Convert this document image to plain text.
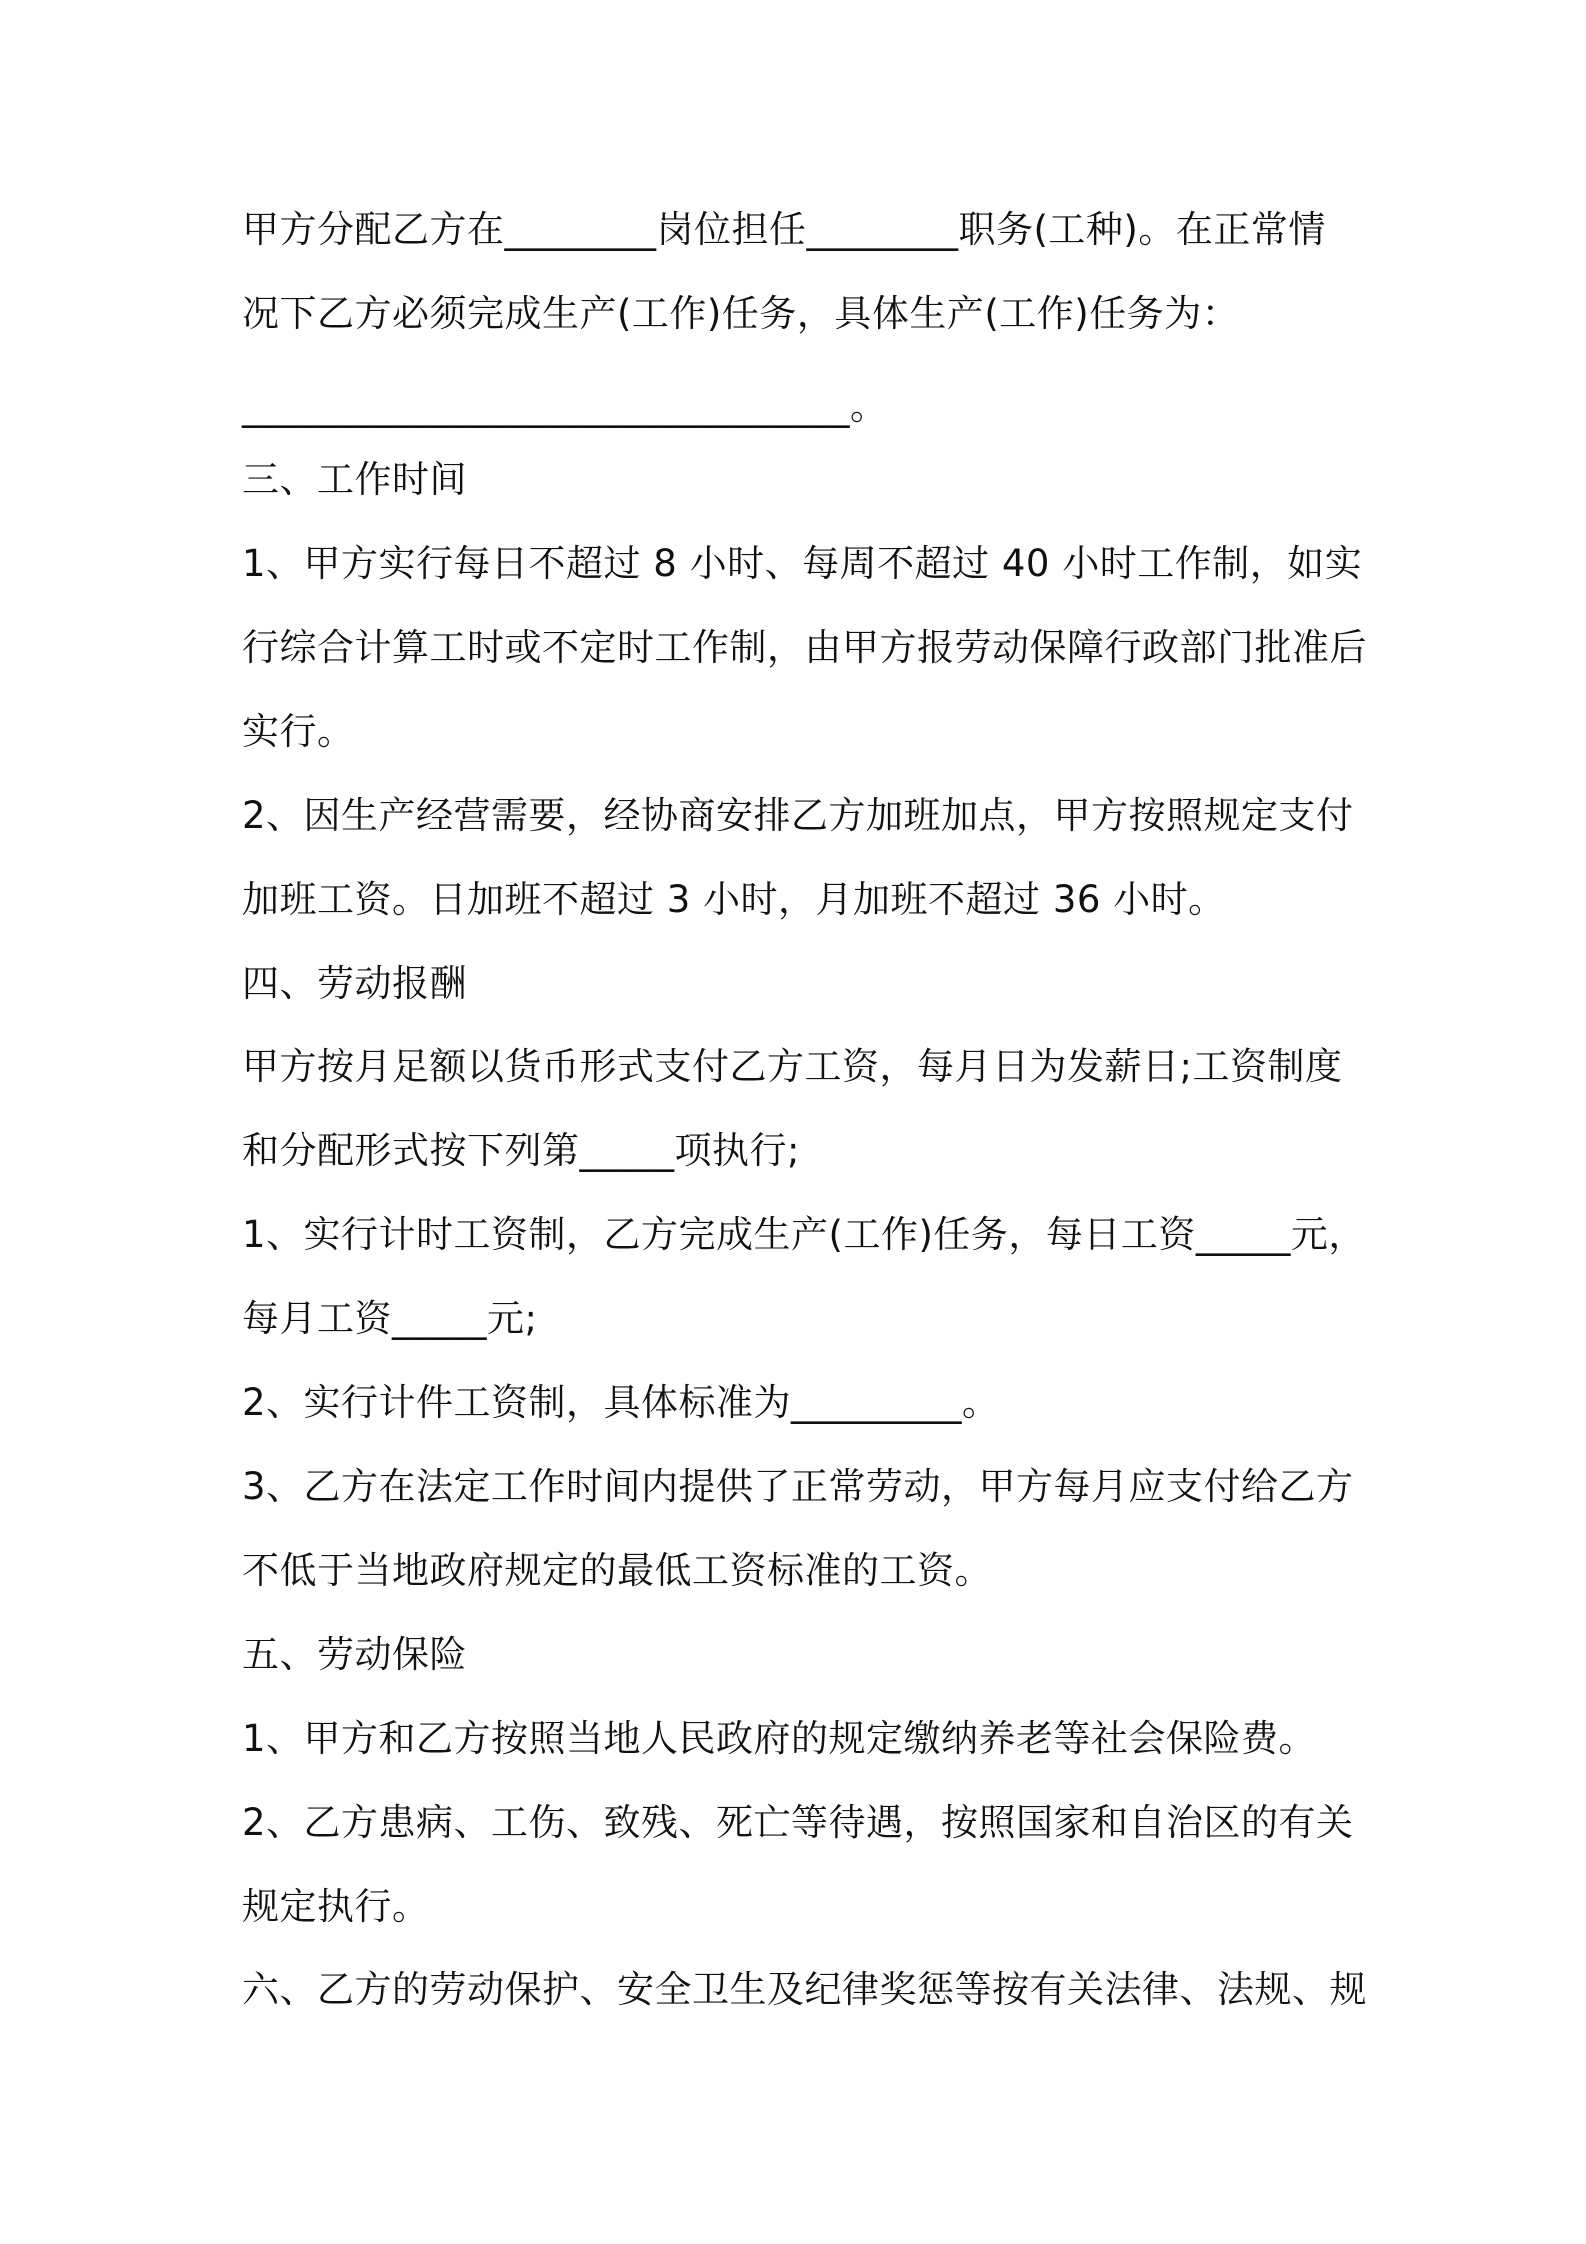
甲方分配乙方在________岗位担任________职务(工种)。在正常情

况下乙方必须完成生产(工作)任务，具体生产(工作)任务为：

________________________________。

三、工作时间

1、甲方实行每日不超过 8 小时、每周不超过 40 小时工作制，如实

行综合计算工时或不定时工作制，由甲方报劳动保障行政部门批准后

实行。

2、因生产经营需要，经协商安排乙方加班加点，甲方按照规定支付

加班工资。日加班不超过 3 小时，月加班不超过 36 小时。

四、劳动报酬

甲方按月足额以货币形式支付乙方工资，每月日为发薪日;工资制度

和分配形式按下列第_____项执行;

1、实行计时工资制，乙方完成生产(工作)任务，每日工资_____元，

每月工资_____元;

2、实行计件工资制，具体标准为_________。

3、乙方在法定工作时间内提供了正常劳动，甲方每月应支付给乙方

不低于当地政府规定的最低工资标准的工资。

五、劳动保险

1、甲方和乙方按照当地人民政府的规定缴纳养老等社会保险费。

2、乙方患病、工伤、致残、死亡等待遇，按照国家和自治区的有关

规定执行。

六、乙方的劳动保护、安全卫生及纪律奖惩等按有关法律、法规、规
